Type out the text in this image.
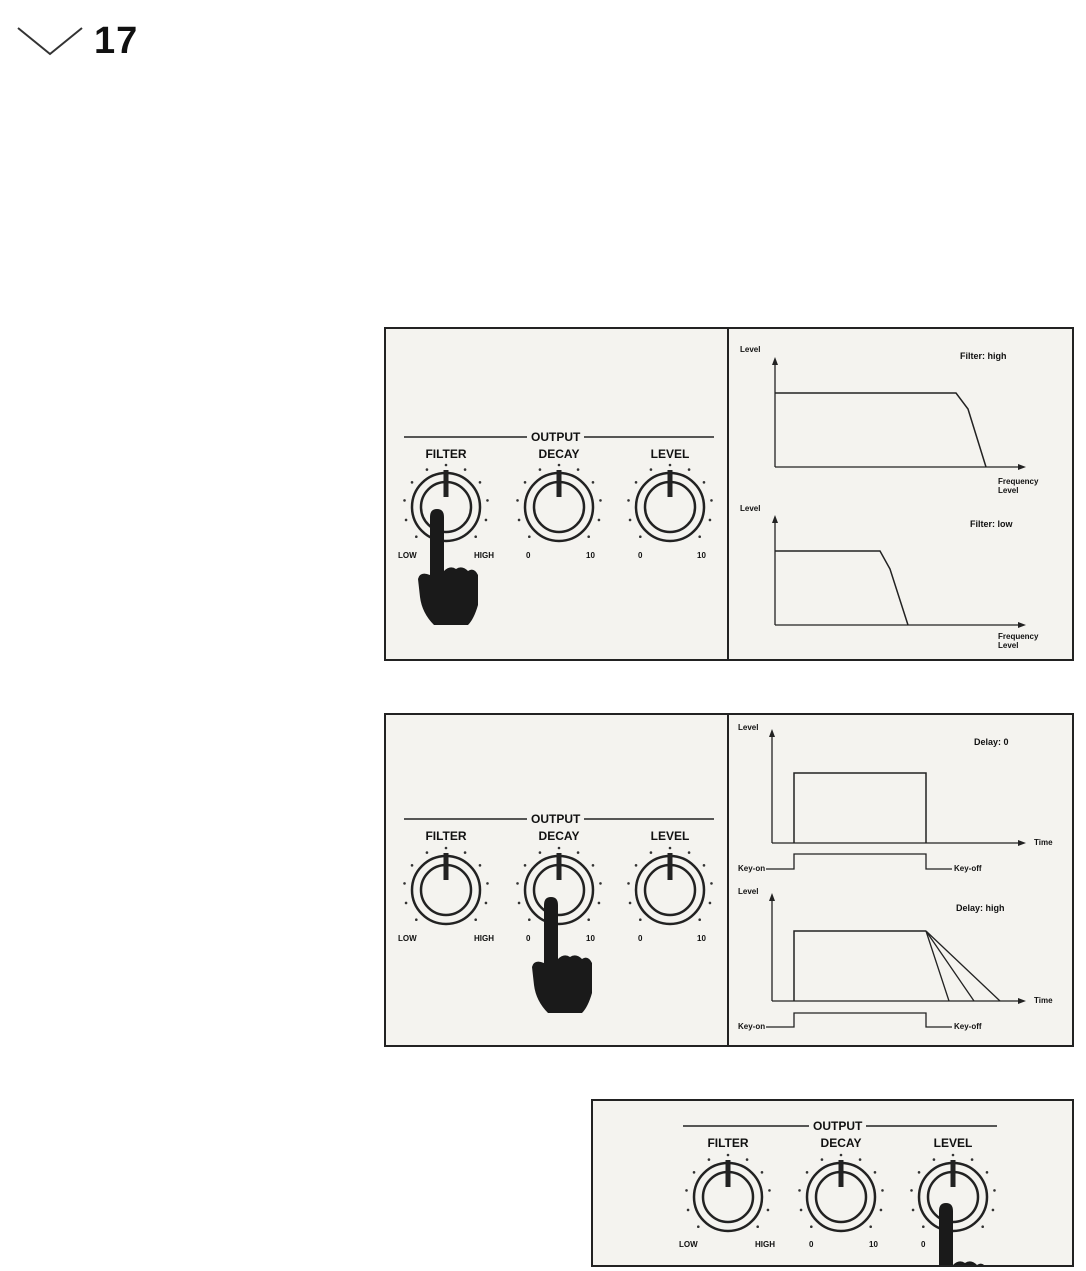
17
OUTPUT
FILTER	DECAY	LEVEL
LOW	HIGH	0	10	0	10
Level
Filter: high
Frequency
Level
Level
Filter: low
Frequency
Level
OUTPUT
FILTER	DECAY	LEVEL
LOW	HIGH	0	10	0	10
Level
Delay: 0
Time
Key-on	Key-off
Level
Delay: high
Time
Key-on	Key-off
OUTPUT
FILTER	DECAY	LEVEL
LOW	HIGH	0	10	0
